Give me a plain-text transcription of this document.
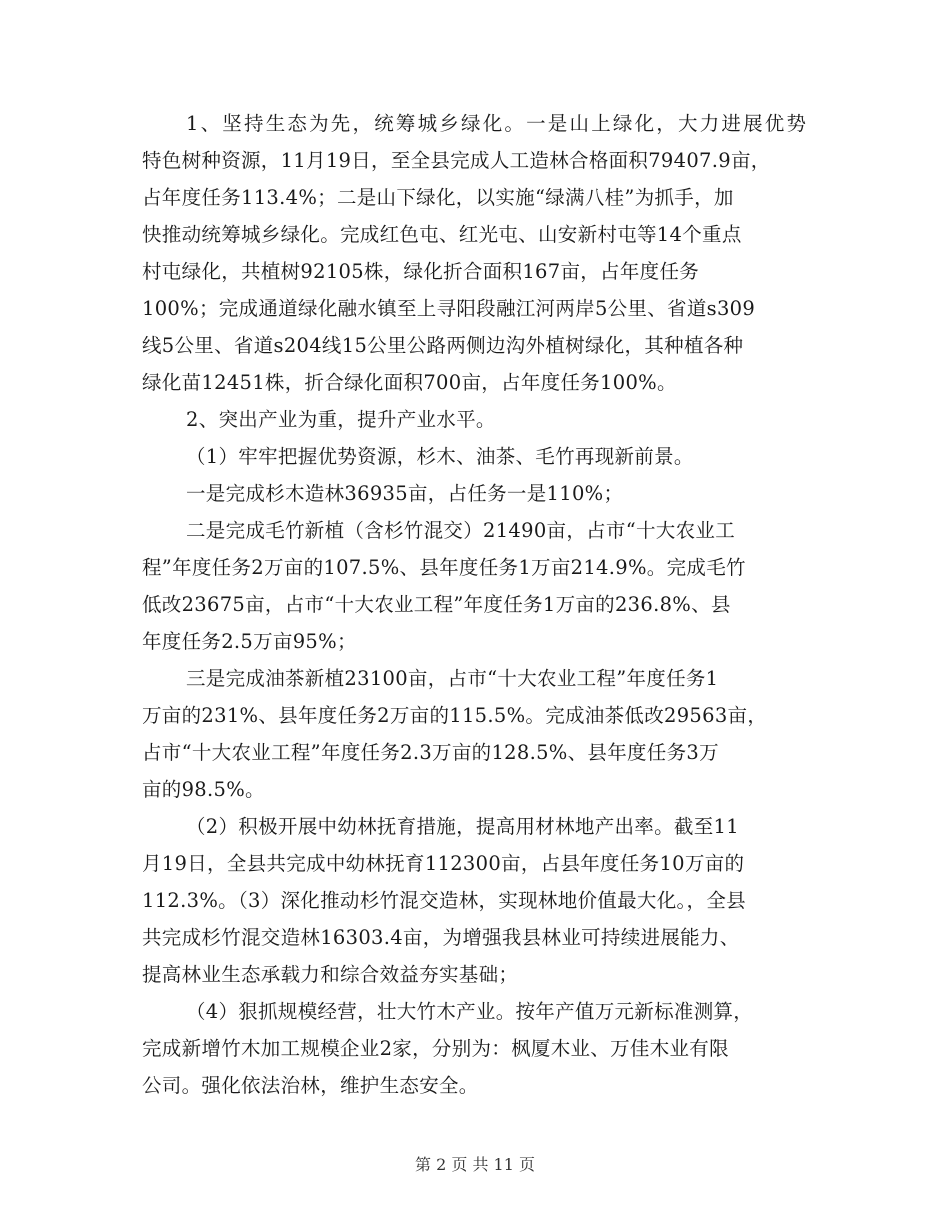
1、坚持生态为先，统筹城乡绿化。一是山上绿化，大力进展优势
特色树种资源，11月19日，至全县完成人工造林合格面积79407.9亩，
占年度任务113.4%；二是山下绿化，以实施“绿满八桂”为抓手，加
快推动统筹城乡绿化。完成红色屯、红光屯、山安新村屯等14个重点
村屯绿化，共植树92105株，绿化折合面积167亩，占年度任务
100%；完成通道绿化融水镇至上寻阳段融江河两岸5公里、省道s309
线5公里、省道s204线15公里公路两侧边沟外植树绿化，其种植各种
绿化苗12451株，折合绿化面积700亩，占年度任务100%。
2、突出产业为重，提升产业水平。
（1）牢牢把握优势资源，杉木、油茶、毛竹再现新前景。
一是完成杉木造林36935亩，占任务一是110%；
二是完成毛竹新植（含杉竹混交）21490亩，占市“十大农业工
程”年度任务2万亩的107.5%、县年度任务1万亩214.9%。完成毛竹
低改23675亩，占市“十大农业工程”年度任务1万亩的236.8%、县
年度任务2.5万亩95%；
三是完成油茶新植23100亩，占市“十大农业工程”年度任务1
万亩的231%、县年度任务2万亩的115.5%。完成油茶低改29563亩，
占市“十大农业工程”年度任务2.3万亩的128.5%、县年度任务3万
亩的98.5%。
（2）积极开展中幼林抚育措施，提高用材林地产出率。截至11
月19日，全县共完成中幼林抚育112300亩，占县年度任务10万亩的
112.3%。（3）深化推动杉竹混交造林，实现林地价值最大化。，全县
共完成杉竹混交造林16303.4亩，为增强我县林业可持续进展能力、
提高林业生态承载力和综合效益夯实基础；
（4）狠抓规模经营，壮大竹木产业。按年产值万元新标准测算，
完成新增竹木加工规模企业2家，分别为：枫厦木业、万佳木业有限
公司。强化依法治林，维护生态安全。
第 2 页 共 11 页
